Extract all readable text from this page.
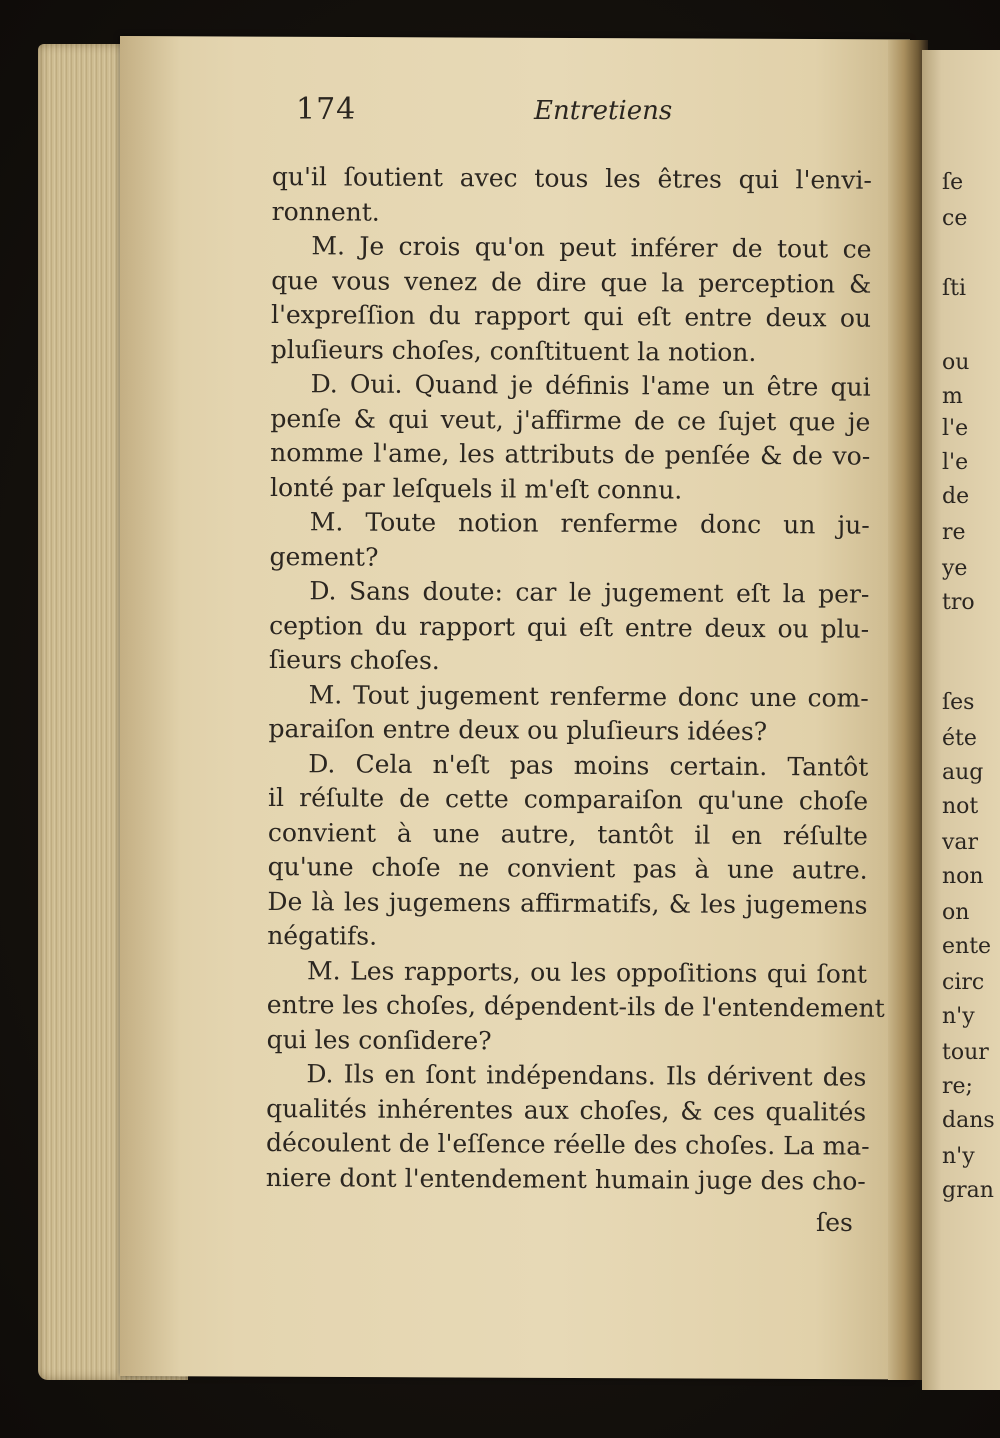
174	Entretiens
qu'il ſoutient avec tous les êtres qui l'envi-
ronnent.
M. Je crois qu'on peut inférer de tout ce
que vous venez de dire que la perception &
l'expreſſion du rapport qui eſt entre deux ou
pluſieurs choſes, conſtituent la notion.
D. Oui. Quand je définis l'ame un être qui
penſe & qui veut, j'affirme de ce ſujet que je
nomme l'ame, les attributs de penſée & de vo-
lonté par leſquels il m'eſt connu.
M. Toute notion renferme donc un ju-
gement?
D. Sans doute: car le jugement eſt la per-
ception du rapport qui eſt entre deux ou plu-
ſieurs choſes.
M. Tout jugement renferme donc une com-
paraiſon entre deux ou pluſieurs idées?
D. Cela n'eſt pas moins certain. Tantôt
il réſulte de cette comparaiſon qu'une choſe
convient à une autre, tantôt il en réſulte
qu'une choſe ne convient pas à une autre.
De là les jugemens affirmatifs, & les jugemens
négatifs.
M. Les rapports, ou les oppoſitions qui ſont
entre les choſes, dépendent-ils de l'entendement
qui les conſidere?
D. Ils en ſont indépendans. Ils dérivent des
qualités inhérentes aux choſes, & ces qualités
découlent de l'eſſence réelle des choſes. La ma-
niere dont l'entendement humain juge des cho-
ſes
ſe
ce
ſti
ou
m
l'e
l'e
de
re
ye
tro
ſes
éte
aug
not
var
non
on
ente
circ
n'y
tour
re;
dans
n'y
gran
